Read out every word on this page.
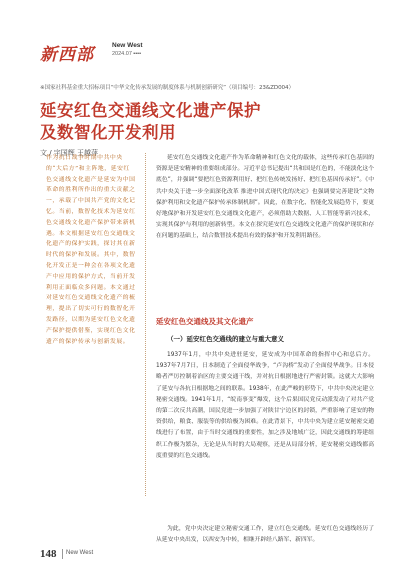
新西部	New West
2024.07 ▪▪▪▪
※国家社科基金重大招标项目“中华文化传承发展的制度体系与机制创新研究”（项目编号：23&ZD004）
延安红色交通线文化遗产保护
及数智化开发利用
文 / 宇国辉 王越萍

作为抗日战争时期中共中央的“大后方”和主阵地，延安红色交通线文化遗产是延安为中国革命的胜利所作出的重大贡献之一，承载了中国共产党的文化记忆。当前，数智化技术为延安红色交通线文化遗产保护带来新机遇。本文根据延安红色交通线文化遗产的保护实践，探讨其在新时代的保护和发展。其中，数智化开发正是一种会在各项文化遗产中应用的保护方式，当前开发利用正面临众多问题。本文通过对延安红色交通线文化遗产的梳理，提出了切实可行的数智化开发路径，以期为延安红色文化遗产保护提供借鉴，实现红色文化遗产的保护传承与创新发展。

延安红色交通线文化遗产作为革命精神和红色文化的载体，这些传承红色基因的资源是延安精神的重要组成部分。习近平总书记提出“共和国是红色的，不能淡化这个底色”，并强调“要把红色资源利用好、把红色传统发扬好、把红色基因传承好”。《中共中央关于进一步全面深化改革 推进中国式现代化的决定》也强调要完善建设“文物保护利用和文化遗产保护传承体制机制”。因此，在数字化、智能化发展趋势下，要更好地保护和开发延安红色交通线文化遗产，必须借助大数据、人工智能等新兴技术，实现其保护与利用的创新转型。本文在探究延安红色交通线文化遗产的保护现状和存在问题的基础上，结合数智技术提出有效的保护和开发利用路径。

延安红色交通线及其文化遗产
（一）延安红色交通线的建立与重大意义

1937年1月，中共中央进驻延安，延安成为中国革命的指挥中心和总后方。1937年7月7日，日本制造了全面侵华战争，“卢沟桥”发动了全面侵华战争。日本侵略者严厉控制着治区的主要交通干线，并对抗日根据地进行严密封锁。这就大大影响了延安与各抗日根据地之间的联系。1938年，在此严峻的形势下，中共中央决定建立秘密交通线。1941年1月，“皖南事变”爆发，这个后果国民党反动派发动了对共产党的第二次反共高潮，国民党进一步加强了对陕甘宁边区的封锁，严重影响了延安的物资供给，粮食、服装等的供给极为困难。在此背景下，中共中央为建立延安秘密交通线进行了布置，由于当时交通线的重要性，加之涉及地域广泛，因此交通线的筹建组织工作极为繁杂，无论是从当时的大局观察，还是从局部分析，延安秘密交通线都高度重要的红色交通线。

为此，党中央决定建立秘密交通工作，建立红色交通线。延安红色交通线经历了从延安中央出发，以西安为中转，相继开辟经八路军、新四军。

148 New West
